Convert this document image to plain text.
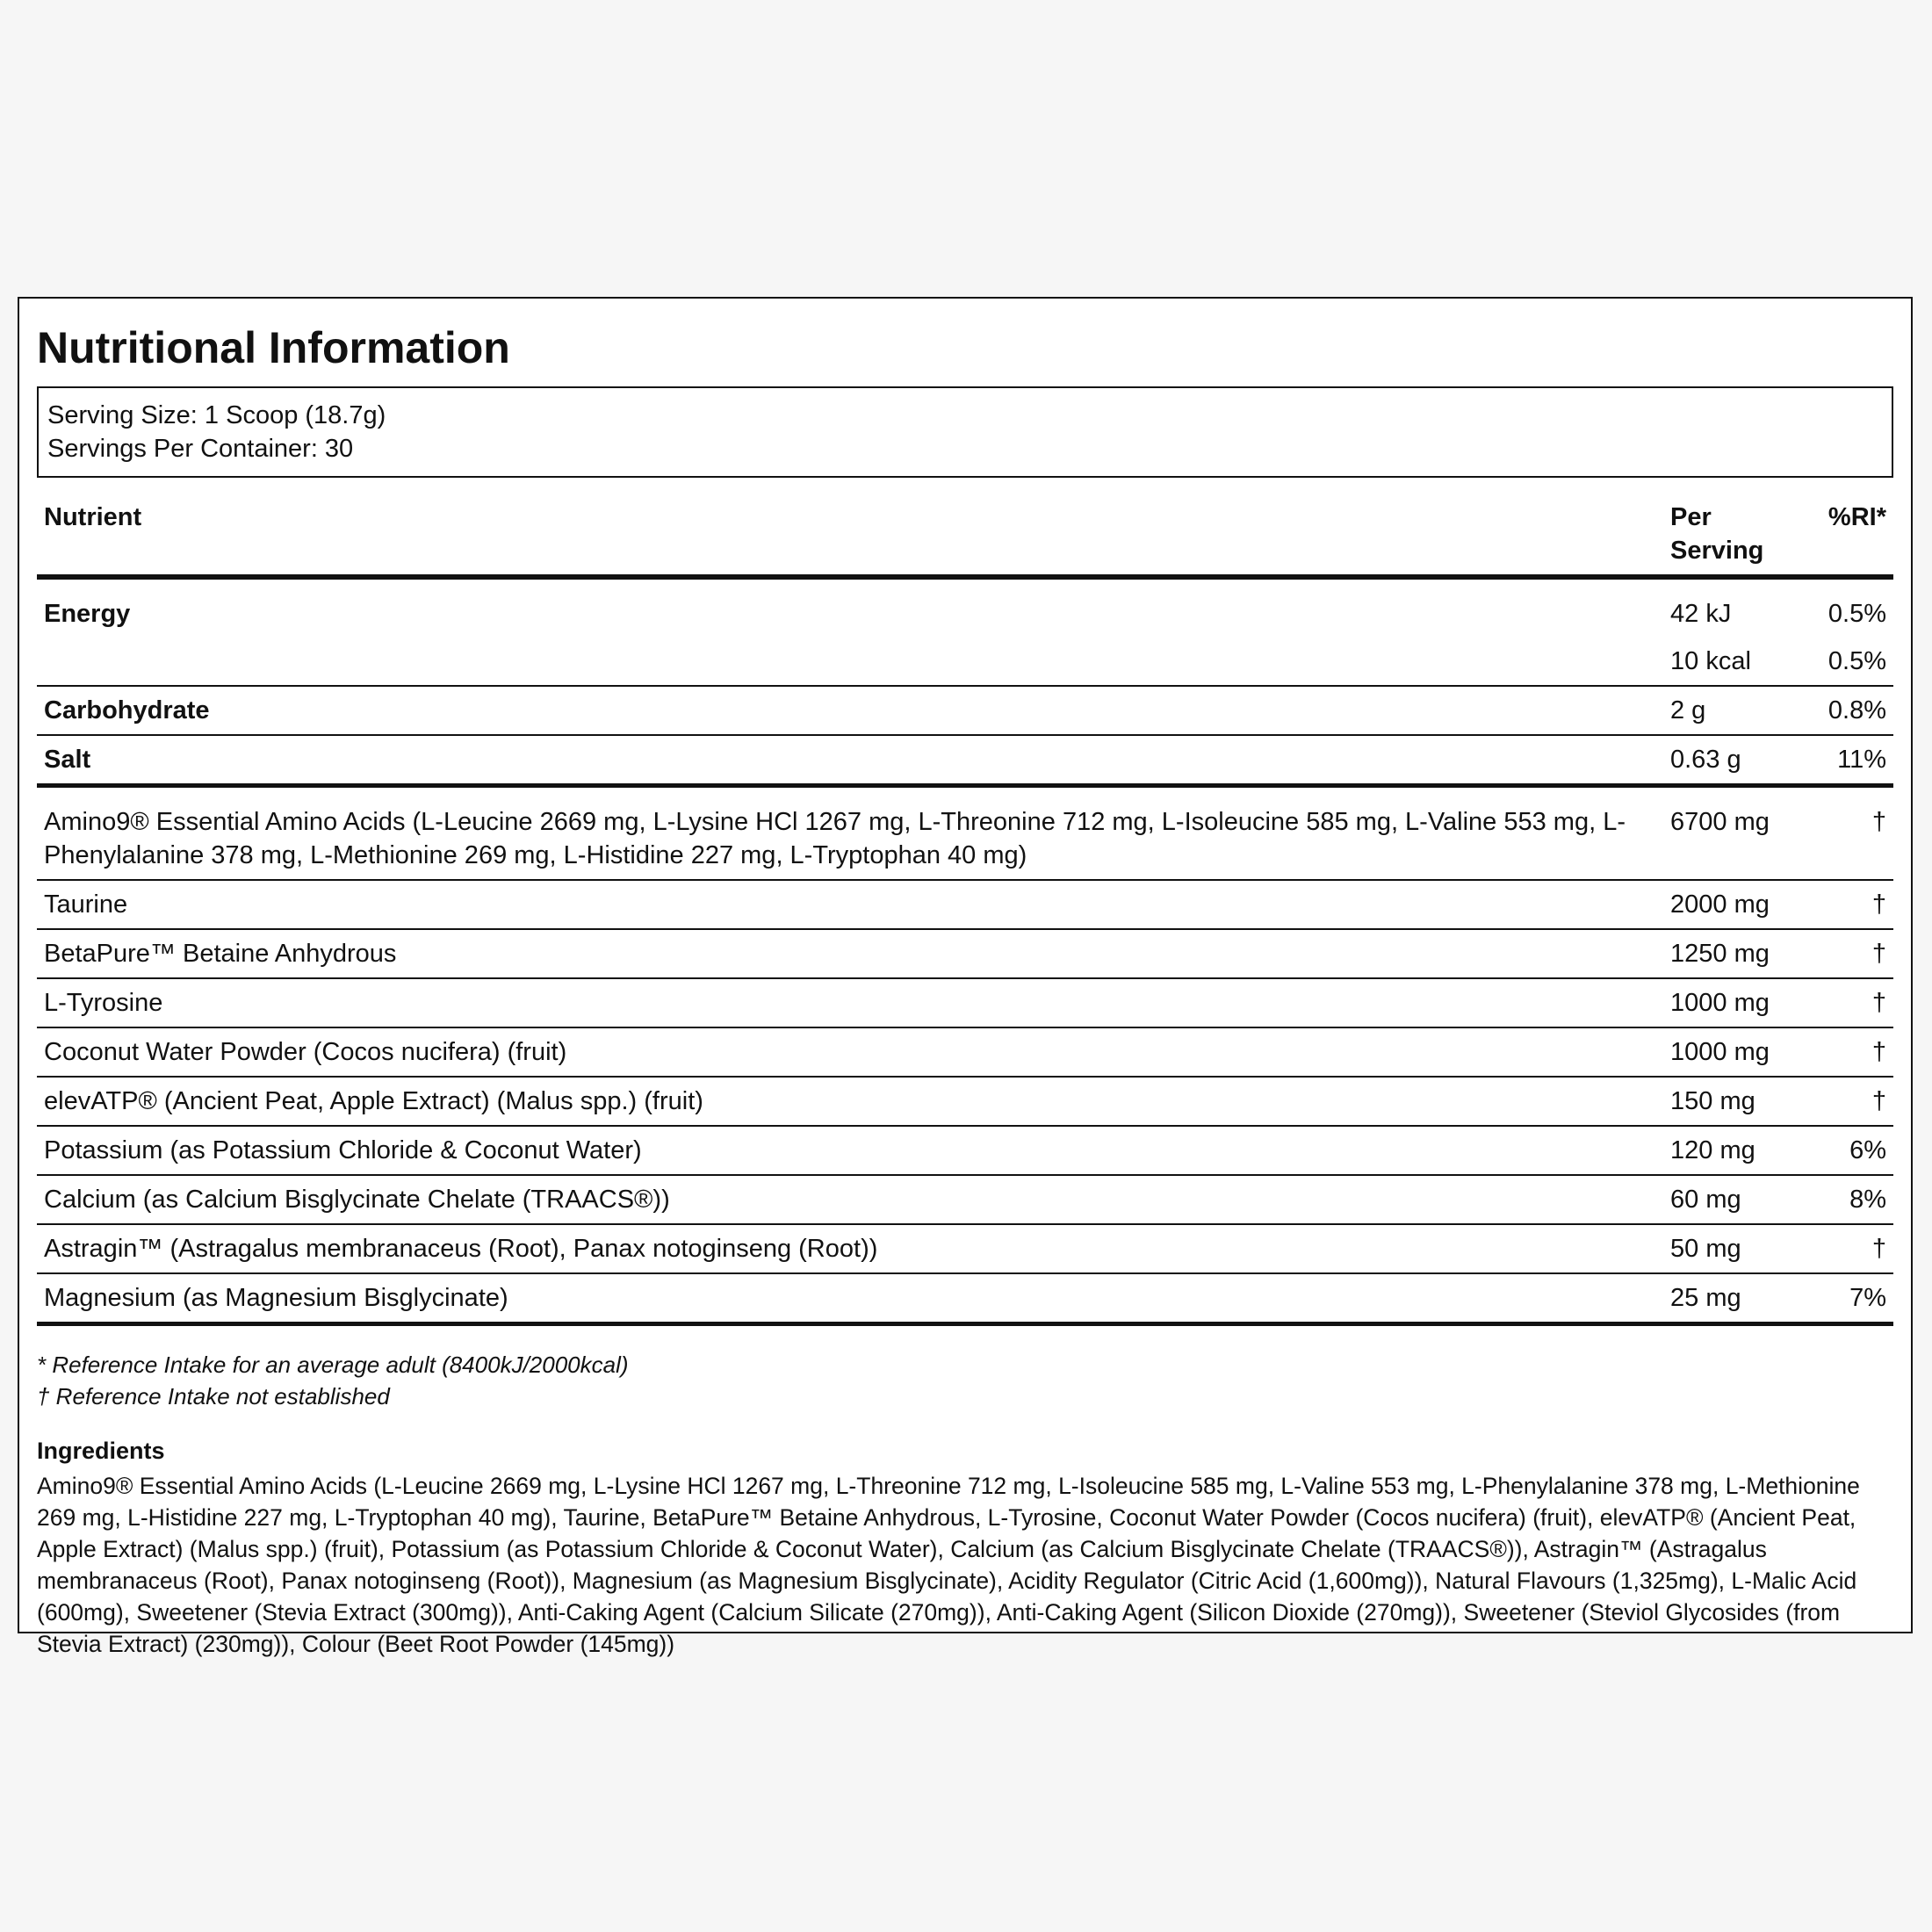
Nutritional Information
Serving Size: 1 Scoop (18.7g)
Servings Per Container: 30
Nutrient	Per Serving	%RI*
Energy	42 kJ	0.5%
	10 kcal	0.5%
Carbohydrate	2 g	0.8%
Salt	0.63 g	11%
Amino9® Essential Amino Acids (L-Leucine 2669 mg, L-Lysine HCl 1267 mg, L-Threonine 712 mg, L-Isoleucine 585 mg, L-Valine 553 mg, L-Phenylalanine 378 mg, L-Methionine 269 mg, L-Histidine 227 mg, L-Tryptophan 40 mg)	6700 mg	†
Taurine	2000 mg	†
BetaPure™ Betaine Anhydrous	1250 mg	†
L-Tyrosine	1000 mg	†
Coconut Water Powder (Cocos nucifera) (fruit)	1000 mg	†
elevATP® (Ancient Peat, Apple Extract) (Malus spp.) (fruit)	150 mg	†
Potassium (as Potassium Chloride & Coconut Water)	120 mg	6%
Calcium (as Calcium Bisglycinate Chelate (TRAACS®))	60 mg	8%
Astragin™ (Astragalus membranaceus (Root), Panax notoginseng (Root))	50 mg	†
Magnesium (as Magnesium Bisglycinate)	25 mg	7%
* Reference Intake for an average adult (8400kJ/2000kcal)
† Reference Intake not established
Ingredients
Amino9® Essential Amino Acids (L-Leucine 2669 mg, L-Lysine HCl 1267 mg, L-Threonine 712 mg, L-Isoleucine 585 mg, L-Valine 553 mg, L-Phenylalanine 378 mg, L-Methionine 269 mg, L-Histidine 227 mg, L-Tryptophan 40 mg), Taurine, BetaPure™ Betaine Anhydrous, L-Tyrosine, Coconut Water Powder (Cocos nucifera) (fruit), elevATP® (Ancient Peat, Apple Extract) (Malus spp.) (fruit), Potassium (as Potassium Chloride & Coconut Water), Calcium (as Calcium Bisglycinate Chelate (TRAACS®)), Astragin™ (Astragalus membranaceus (Root), Panax notoginseng (Root)), Magnesium (as Magnesium Bisglycinate), Acidity Regulator (Citric Acid (1,600mg)), Natural Flavours (1,325mg), L-Malic Acid (600mg), Sweetener (Stevia Extract (300mg)), Anti-Caking Agent (Calcium Silicate (270mg)), Anti-Caking Agent (Silicon Dioxide (270mg)), Sweetener (Steviol Glycosides (from Stevia Extract) (230mg)), Colour (Beet Root Powder (145mg))
